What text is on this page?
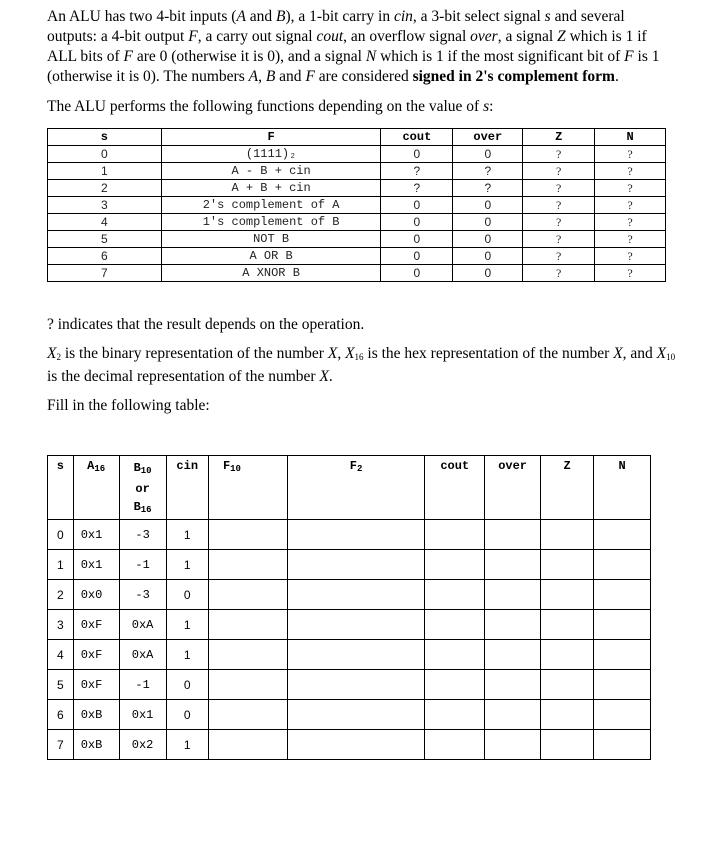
An ALU has two 4-bit inputs (A and B), a 1-bit carry in cin, a 3-bit select signal s and several outputs: a 4-bit output F, a carry out signal cout, an overflow signal over, a signal Z which is 1 if ALL bits of F are 0 (otherwise it is 0), and a signal N which is 1 if the most significant bit of F is 1 (otherwise it is 0). The numbers A, B and F are considered signed in 2's complement form.
The ALU performs the following functions depending on the value of s:
s	F	cout	over	Z	N
0	(1111)₂	0	0	?	?
1	A - B + cin	?	?	?	?
2	A + B + cin	?	?	?	?
3	2's complement of A	0	0	?	?
4	1's complement of B	0	0	?	?
5	NOT B	0	0	?	?
6	A OR B	0	0	?	?
7	A XNOR B	0	0	?	?
? indicates that the result depends on the operation.
$X_2$ is the binary representation of the number X, $X_{16}$ is the hex representation of the number X, and $X_{10}$ is the decimal representation of the number X.
Fill in the following table:
s	$A_{16}$	$B_{10}$
or
$B_{16}$	cin	$F_{10}$	$F_2$	cout	over	Z	N
0	0x1	-3	1						
1	0x1	-1	1						
2	0x0	-3	0						
3	0xF	0xA	1						
4	0xF	0xA	1						
5	0xF	-1	0						
6	0xB	0x1	0						
7	0xB	0x2	1						
